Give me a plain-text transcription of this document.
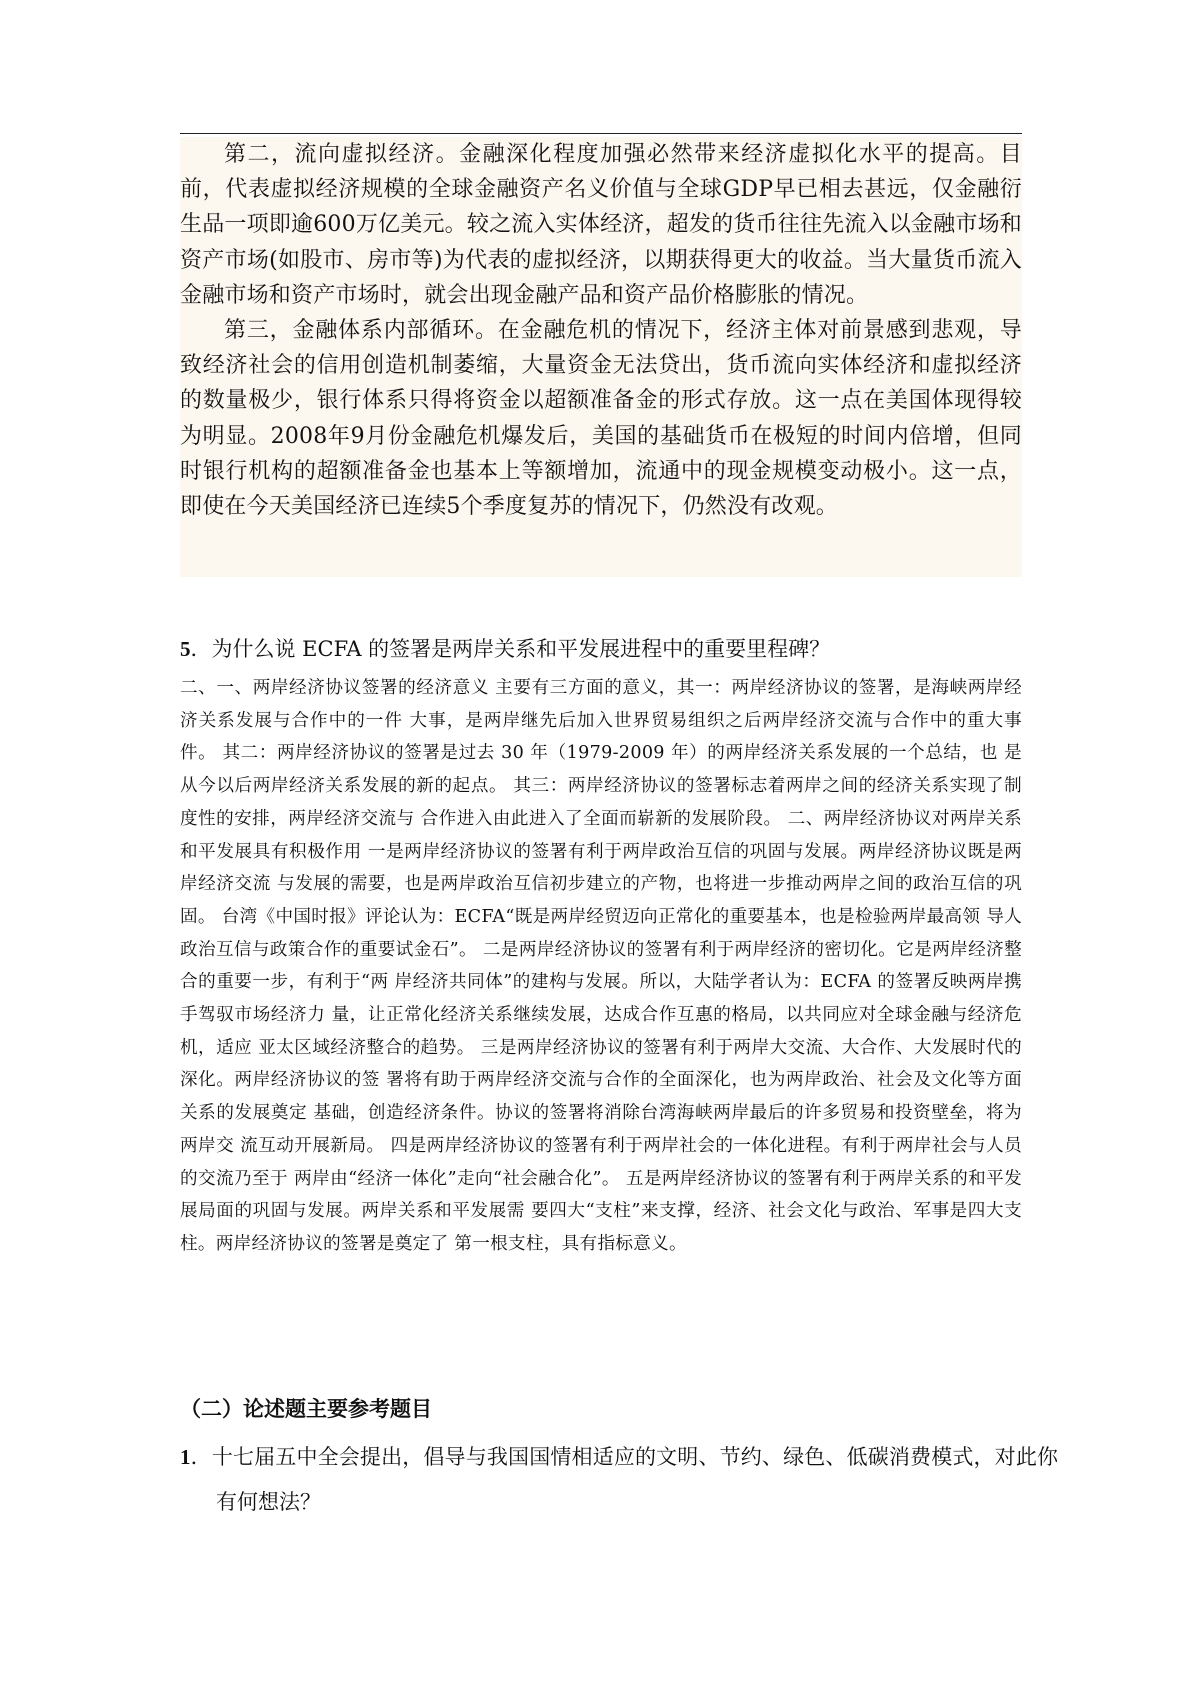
第二，流向虚拟经济。金融深化程度加强必然带来经济虚拟化水平的提高。目前，代表虚拟经济规模的全球金融资产名义价值与全球GDP早已相去甚远，仅金融衍生品一项即逾600万亿美元。较之流入实体经济，超发的货币往往先流入以金融市场和资产市场(如股市、房市等)为代表的虚拟经济，以期获得更大的收益。当大量货币流入金融市场和资产市场时，就会出现金融产品和资产品价格膨胀的情况。

第三，金融体系内部循环。在金融危机的情况下，经济主体对前景感到悲观，导致经济社会的信用创造机制萎缩，大量资金无法贷出，货币流向实体经济和虚拟经济的数量极少，银行体系只得将资金以超额准备金的形式存放。这一点在美国体现得较为明显。2008年9月份金融危机爆发后，美国的基础货币在极短的时间内倍增，但同时银行机构的超额准备金也基本上等额增加，流通中的现金规模变动极小。这一点，即使在今天美国经济已连续5个季度复苏的情况下，仍然没有改观。

5．为什么说 ECFA 的签署是两岸关系和平发展进程中的重要里程碑？

二、一、两岸经济协议签署的经济意义 主要有三方面的意义，其一：两岸经济协议的签署，是海峡两岸经济关系发展与合作中的一件 大事，是两岸继先后加入世界贸易组织之后两岸经济交流与合作中的重大事件。 其二：两岸经济协议的签署是过去 30 年（1979-2009 年）的两岸经济关系发展的一个总结，也 是从今以后两岸经济关系发展的新的起点。 其三：两岸经济协议的签署标志着两岸之间的经济关系实现了制度性的安排，两岸经济交流与 合作进入由此进入了全面而崭新的发展阶段。 二、两岸经济协议对两岸关系和平发展具有积极作用 一是两岸经济协议的签署有利于两岸政治互信的巩固与发展。两岸经济协议既是两岸经济交流 与发展的需要，也是两岸政治互信初步建立的产物，也将进一步推动两岸之间的政治互信的巩固。 台湾《中国时报》评论认为：ECFA“既是两岸经贸迈向正常化的重要基本，也是检验两岸最高领 导人政治互信与政策合作的重要试金石”。 二是两岸经济协议的签署有利于两岸经济的密切化。它是两岸经济整合的重要一步，有利于“两 岸经济共同体”的建构与发展。所以，大陆学者认为：ECFA 的签署反映两岸携手驾驭市场经济力 量，让正常化经济关系继续发展，达成合作互惠的格局，以共同应对全球金融与经济危机，适应 亚太区域经济整合的趋势。 三是两岸经济协议的签署有利于两岸大交流、大合作、大发展时代的深化。两岸经济协议的签 署将有助于两岸经济交流与合作的全面深化，也为两岸政治、社会及文化等方面关系的发展奠定 基础，创造经济条件。协议的签署将消除台湾海峡两岸最后的许多贸易和投资壁垒，将为两岸交 流互动开展新局。 四是两岸经济协议的签署有利于两岸社会的一体化进程。有利于两岸社会与人员的交流乃至于 两岸由“经济一体化”走向“社会融合化”。 五是两岸经济协议的签署有利于两岸关系的和平发展局面的巩固与发展。两岸关系和平发展需 要四大“支柱”来支撑，经济、社会文化与政治、军事是四大支柱。两岸经济协议的签署是奠定了 第一根支柱，具有指标意义。

（二）论述题主要参考题目

1．十七届五中全会提出，倡导与我国国情相适应的文明、节约、绿色、低碳消费模式，对此你有何想法？
